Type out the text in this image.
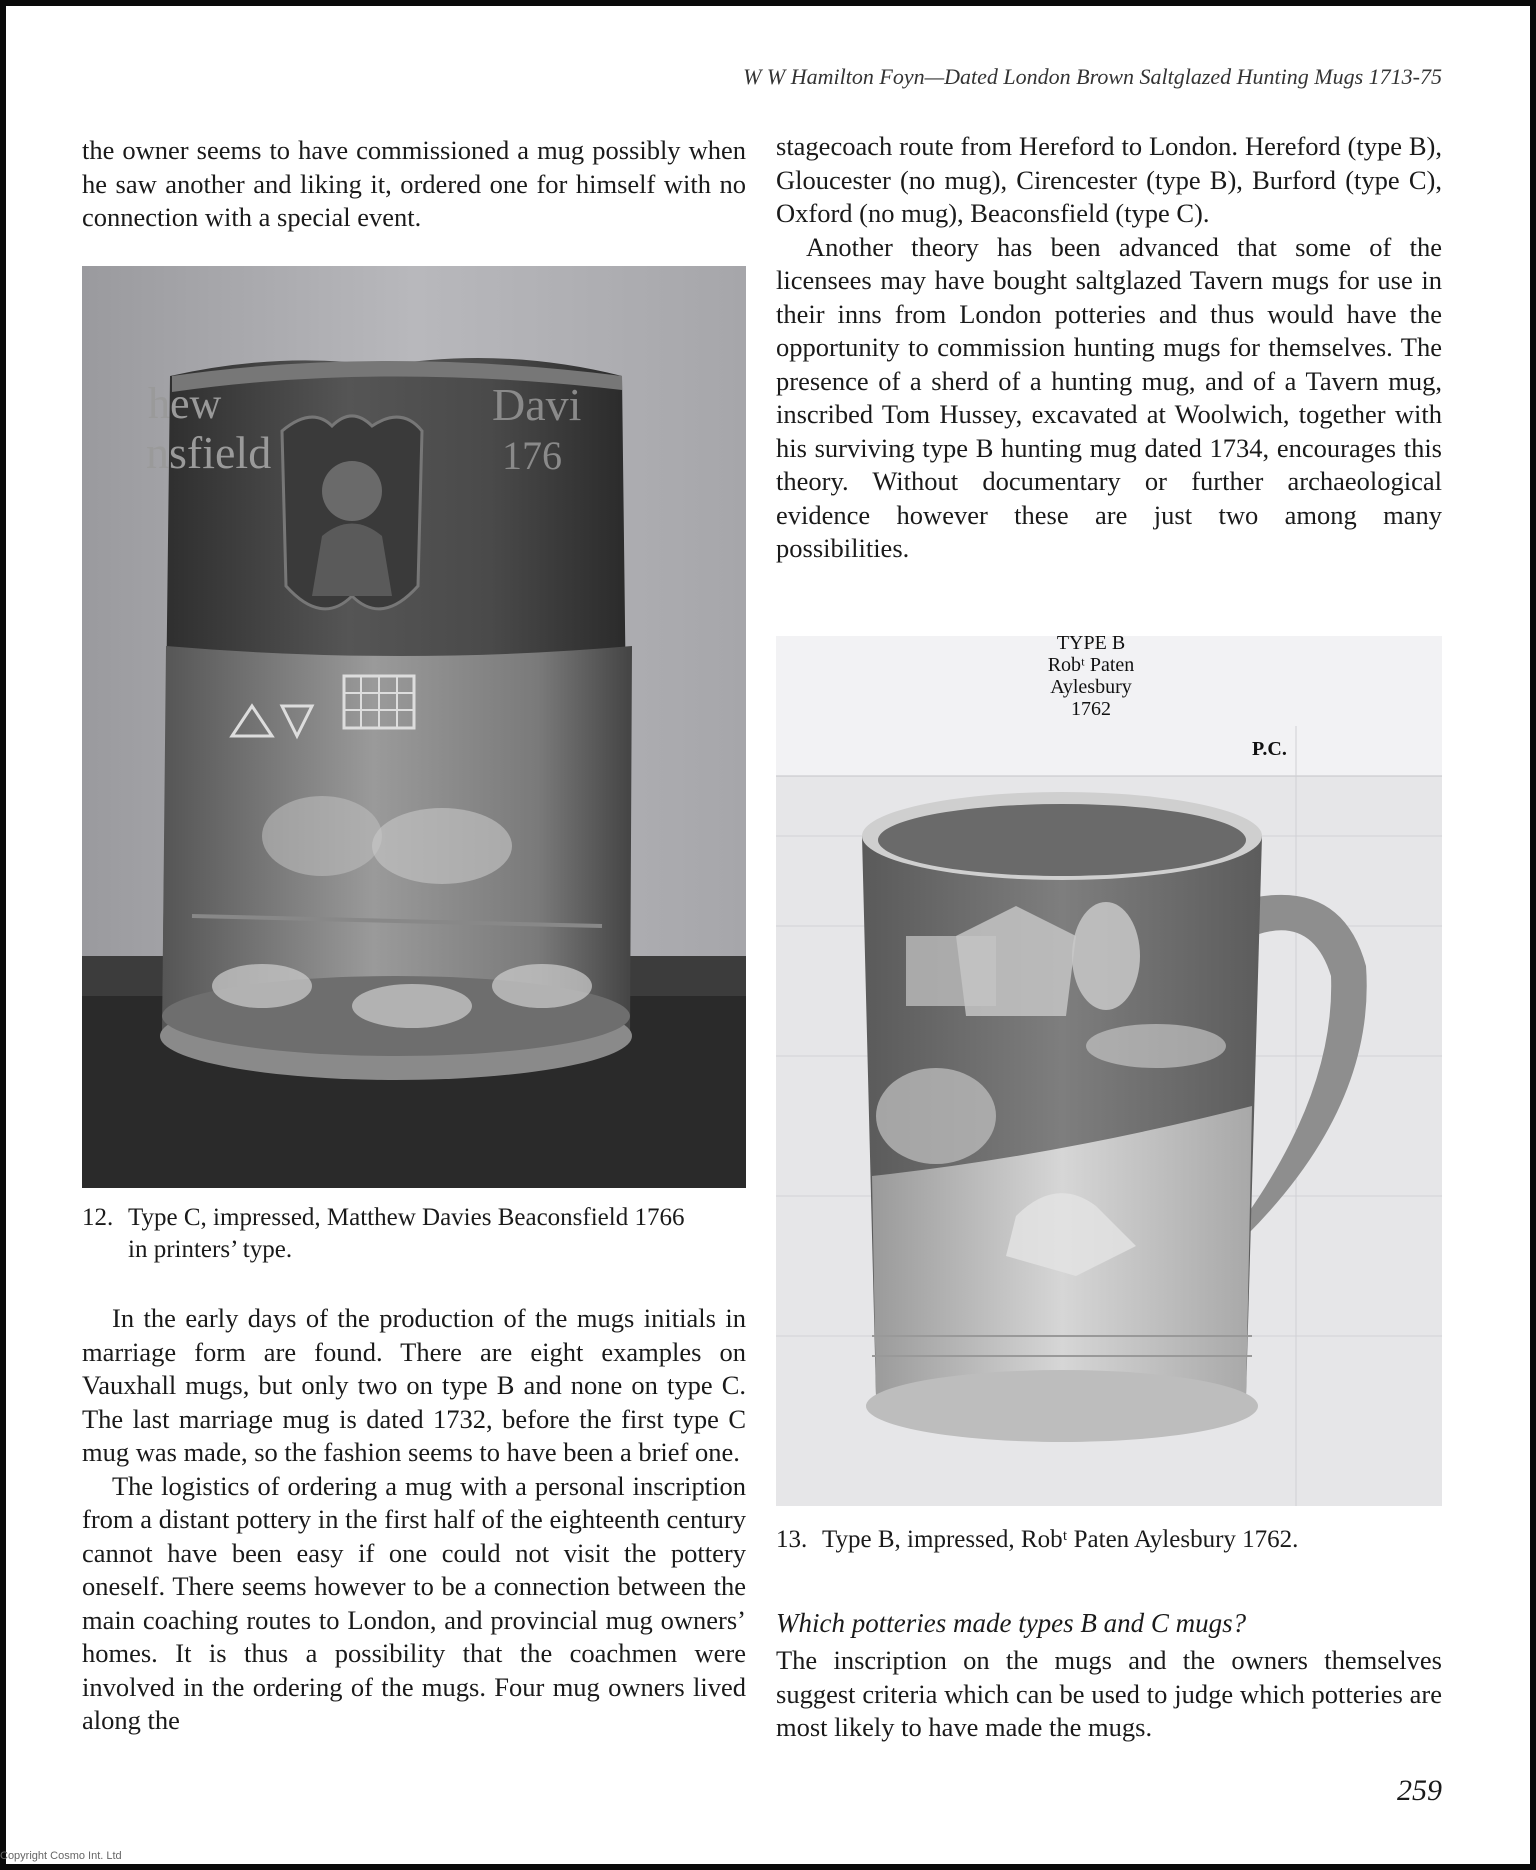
W W Hamilton Foyn—Dated London Brown Saltglazed Hunting Mugs 1713-75

the owner seems to have commissioned a mug possibly when he saw another and liking it, ordered one for himself with no connection with a special event.

hew
nsfield
Davi
176
12. Type C, impressed, Matthew Davies Beaconsfield 1766
in printers’ type.

In the early days of the production of the mugs initials in marriage form are found. There are eight examples on Vauxhall mugs, but only two on type B and none on type C. The last marriage mug is dated 1732, before the first type C mug was made, so the fashion seems to have been a brief one.

The logistics of ordering a mug with a personal inscription from a distant pottery in the first half of the eighteenth century cannot have been easy if one could not visit the pottery oneself. There seems however to be a connection between the main coaching routes to London, and provincial mug owners’ homes. It is thus a possibility that the coachmen were involved in the ordering of the mugs. Four mug owners lived along the

stagecoach route from Hereford to London. Hereford (type B), Gloucester (no mug), Cirencester (type B), Burford (type C), Oxford (no mug), Beaconsfield (type C).

Another theory has been advanced that some of the licensees may have bought saltglazed Tavern mugs for use in their inns from London potteries and thus would have the opportunity to commission hunting mugs for themselves. The presence of a sherd of a hunting mug, and of a Tavern mug, inscribed Tom Hussey, excavated at Woolwich, together with his surviving type B hunting mug dated 1734, encourages this theory. Without documentary or further archaeological evidence however these are just two among many possibilities.

TYPE B
Robᵗ Paten
Aylesbury
1762
P.C.
13. Type B, impressed, Robᵗ Paten Aylesbury 1762.
Which potteries made types B and C mugs?

The inscription on the mugs and the owners themselves suggest criteria which can be used to judge which potteries are most likely to have made the mugs.

259
Copyright Cosmo Int. Ltd
